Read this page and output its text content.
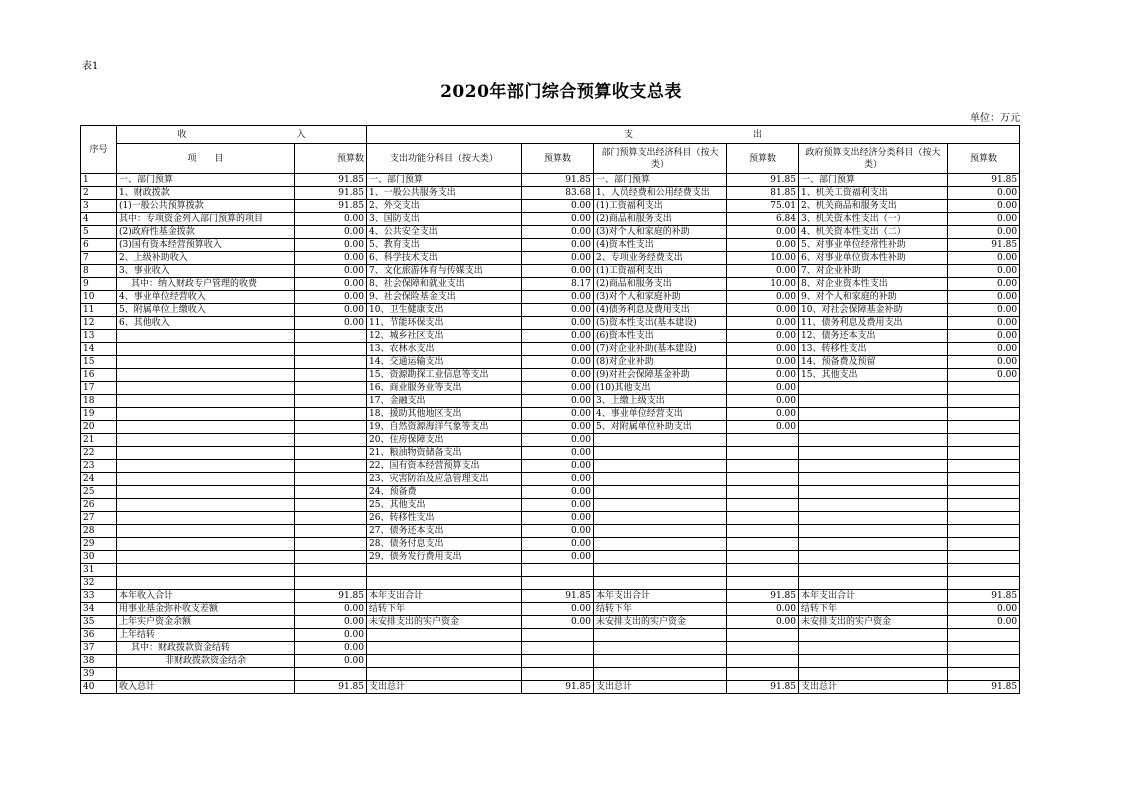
表1
2020年部门综合预算收支总表
单位：万元
序号	收 入		支 出					
	项　　目	预算数	支出功能分科目（按大类）	预算数	部门预算支出经济科目（按大类）	预算数	政府预算支出经济分类科目（按大类）	预算数
1	一、部门预算	91.85	一、部门预算	91.85	一、部门预算	91.85	一、部门预算	91.85
2	1、财政拨款	91.85	1、一般公共服务支出	83.68	1、人员经费和公用经费支出	81.85	1、机关工资福利支出	0.00
3	(1)一般公共预算拨款	91.85	2、外交支出	0.00	(1)工资福利支出	75.01	2、机关商品和服务支出	0.00
4	其中：专项资金列入部门预算的项目	0.00	3、国防支出	0.00	(2)商品和服务支出	6.84	3、机关资本性支出（一）	0.00
5	(2)政府性基金拨款	0.00	4、公共安全支出	0.00	(3)对个人和家庭的补助	0.00	4、机关资本性支出（二）	0.00
6	(3)国有资本经营预算收入	0.00	5、教育支出	0.00	(4)资本性支出	0.00	5、对事业单位经常性补助	91.85
7	2、上级补助收入	0.00	6、科学技术支出	0.00	2、专项业务经费支出	10.00	6、对事业单位资本性补助	0.00
8	3、事业收入	0.00	7、文化旅游体育与传媒支出	0.00	(1)工资福利支出	0.00	7、对企业补助	0.00
9	其中：纳入财政专户管理的收费	0.00	8、社会保障和就业支出	8.17	(2)商品和服务支出	10.00	8、对企业资本性支出	0.00
10	4、事业单位经营收入	0.00	9、社会保险基金支出	0.00	(3)对个人和家庭补助	0.00	9、对个人和家庭的补助	0.00
11	5、附属单位上缴收入	0.00	10、卫生健康支出	0.00	(4)债务利息及费用支出	0.00	10、对社会保障基金补助	0.00
12	6、其他收入	0.00	11、节能环保支出	0.00	(5)资本性支出(基本建设)	0.00	11、债务利息及费用支出	0.00
13			12、城乡社区支出	0.00	(6)资本性支出	0.00	12、债务还本支出	0.00
14			13、农林水支出	0.00	(7)对企业补助(基本建设)	0.00	13、转移性支出	0.00
15			14、交通运输支出	0.00	(8)对企业补助	0.00	14、预备费及预留	0.00
16			15、资源勘探工业信息等支出	0.00	(9)对社会保障基金补助	0.00	15、其他支出	0.00
17			16、商业服务业等支出	0.00	(10)其他支出	0.00		
18			17、金融支出	0.00	3、上缴上级支出	0.00		
19			18、援助其他地区支出	0.00	4、事业单位经营支出	0.00		
20			19、自然资源海洋气象等支出	0.00	5、对附属单位补助支出	0.00		
21			20、住房保障支出	0.00				
22			21、粮油物资储备支出	0.00				
23			22、国有资本经营预算支出	0.00				
24			23、灾害防治及应急管理支出	0.00				
25			24、预备费	0.00				
26			25、其他支出	0.00				
27			26、转移性支出	0.00				
28			27、债务还本支出	0.00				
29			28、债务付息支出	0.00				
30			29、债务发行费用支出	0.00				
31								
32								
33	本年收入合计	91.85	本年支出合计	91.85	本年支出合计	91.85	本年支出合计	91.85
34	用事业基金弥补收支差额	0.00	结转下年	0.00	结转下年	0.00	结转下年	0.00
35	上年实户资金余额	0.00	未安排支出的实户资金	0.00	未安排支出的实户资金	0.00	未安排支出的实户资金	0.00
36	上年结转	0.00						
37	其中：财政拨款资金结转	0.00						
38	非财政拨款资金结余	0.00						
39								
40	收入总计	91.85	支出总计	91.85	支出总计	91.85	支出总计	91.85
